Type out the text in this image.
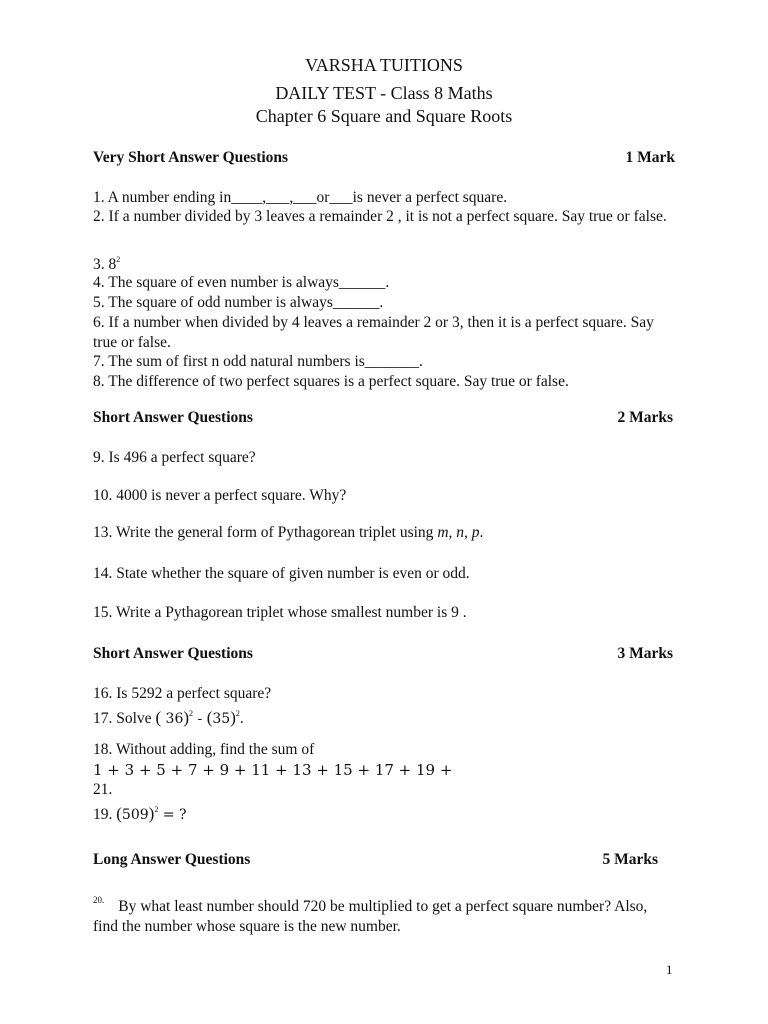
VARSHA TUITIONS
DAILY TEST - Class 8 Maths
Chapter 6 Square and Square Roots
Very Short Answer Questions	1 Mark
1. A number ending in____,___,___or___is never a perfect square.
2. If a number divided by 3 leaves a remainder 2 , it is not a perfect square. Say true or false.
3. $8^2$
4. The square of even number is always______.
5. The square of odd number is always______.
6. If a number when divided by 4 leaves a remainder 2 or 3, then it is a perfect square. Say true or false.
7. The sum of first n odd natural numbers is_______.
8. The difference of two perfect squares is a perfect square. Say true or false.
Short Answer Questions	2 Marks
9. Is 496 a perfect square?
10. 4000 is never a perfect square. Why?
13. Write the general form of Pythagorean triplet using m, n, p.
14. State whether the square of given number is even or odd.
15. Write a Pythagorean triplet whose smallest number is 9 .
Short Answer Questions	3 Marks
16. Is 5292 a perfect square?
17. Solve ( $36)^2 - (35)^2$.
18. Without adding, find the sum of
1 + 3 + 5 + 7 + 9 + 11 + 13 + 15 + 17 + 19 +
21.
19. $(509)^2$ = ?
Long Answer Questions	5 Marks
$^{20.}$ By what least number should 720 be multiplied to get a perfect square number? Also, find the number whose square is the new number.
1
